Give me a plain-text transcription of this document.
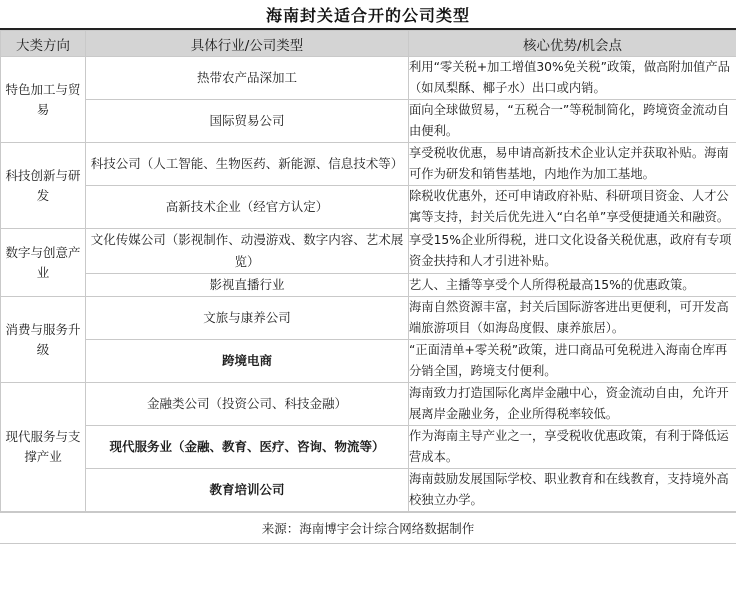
海南封关适合开的公司类型
大类方向	具体行业/公司类型	核心优势/机会点
特色加工与贸易	热带农产品深加工	利用“零关税+加工增值30%免关税”政策，做高附加值产品（如凤梨酥、椰子水）出口或内销。
	国际贸易公司	面向全球做贸易，“五税合一”等税制简化，跨境资金流动自由便利。
科技创新与研发	科技公司（人工智能、生物医药、新能源、信息技术等）	享受税收优惠，易申请高新技术企业认定并获取补贴。海南可作为研发和销售基地，内地作为加工基地。
	高新技术企业（经官方认定）	除税收优惠外，还可申请政府补贴、科研项目资金、人才公寓等支持，封关后优先进入“白名单”享受便捷通关和融资。
数字与创意产业	文化传媒公司（影视制作、动漫游戏、数字内容、艺术展览）	享受15%企业所得税，进口文化设备关税优惠，政府有专项资金扶持和人才引进补贴。
	影视直播行业	艺人、主播等享受个人所得税最高15%的优惠政策。
消费与服务升级	文旅与康养公司	海南自然资源丰富，封关后国际游客进出更便利，可开发高端旅游项目（如海岛度假、康养旅居）。
	跨境电商	“正面清单+零关税”政策，进口商品可免税进入海南仓库再分销全国，跨境支付便利。
现代服务与支撑产业	金融类公司（投资公司、科技金融）	海南致力打造国际化离岸金融中心，资金流动自由，允许开展离岸金融业务，企业所得税率较低。
	现代服务业（金融、教育、医疗、咨询、物流等）	作为海南主导产业之一，享受税收优惠政策，有利于降低运营成本。
	教育培训公司	海南鼓励发展国际学校、职业教育和在线教育，支持境外高校独立办学。
来源：海南博宇会计综合网络数据制作
